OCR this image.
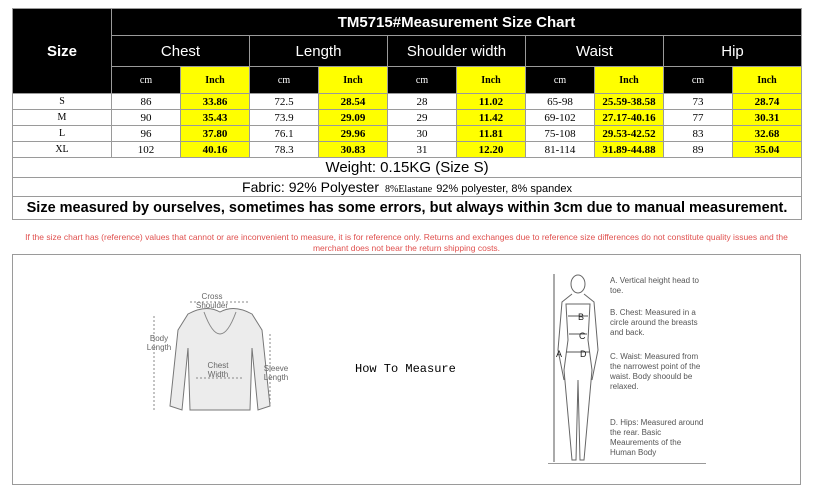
Size	TM5715#Measurement Size Chart									
	Chest		Length		Shoulder width		Waist		Hip	
	cm	Inch	cm	Inch	cm	Inch	cm	Inch	cm	Inch
S	86	33.86	72.5	28.54	28	11.02	65-98	25.59-38.58	73	28.74
M	90	35.43	73.9	29.09	29	11.42	69-102	27.17-40.16	77	30.31
L	96	37.80	76.1	29.96	30	11.81	75-108	29.53-42.52	83	32.68
XL	102	40.16	78.3	30.83	31	12.20	81-114	31.89-44.88	89	35.04
Weight: 0.15KG (Size S)										
Fabric: 92% Polyester 8%Elastane 92% polyester, 8% spandex										
Size measured by ourselves, sometimes has some errors, but always within 3cm due to manual measurement.										
If the size chart has (reference) values that cannot or are inconvenient to measure, it is for reference only. Returns and exchanges due to reference size differences do not constitute quality issues and the merchant does not bear the return shipping costs.
Cross Shoulder
Body Length
Chest Width
Sleeve Length
How To Measure
A
B
C
D
A. Vertical height head to toe.
B. Chest: Measured in a circle around the breasts and back.
C. Waist: Measured from the narrowest point of the waist. Body shoould be relaxed.
D. Hips: Measured around the rear. Basic Meaurements of the Human Body
